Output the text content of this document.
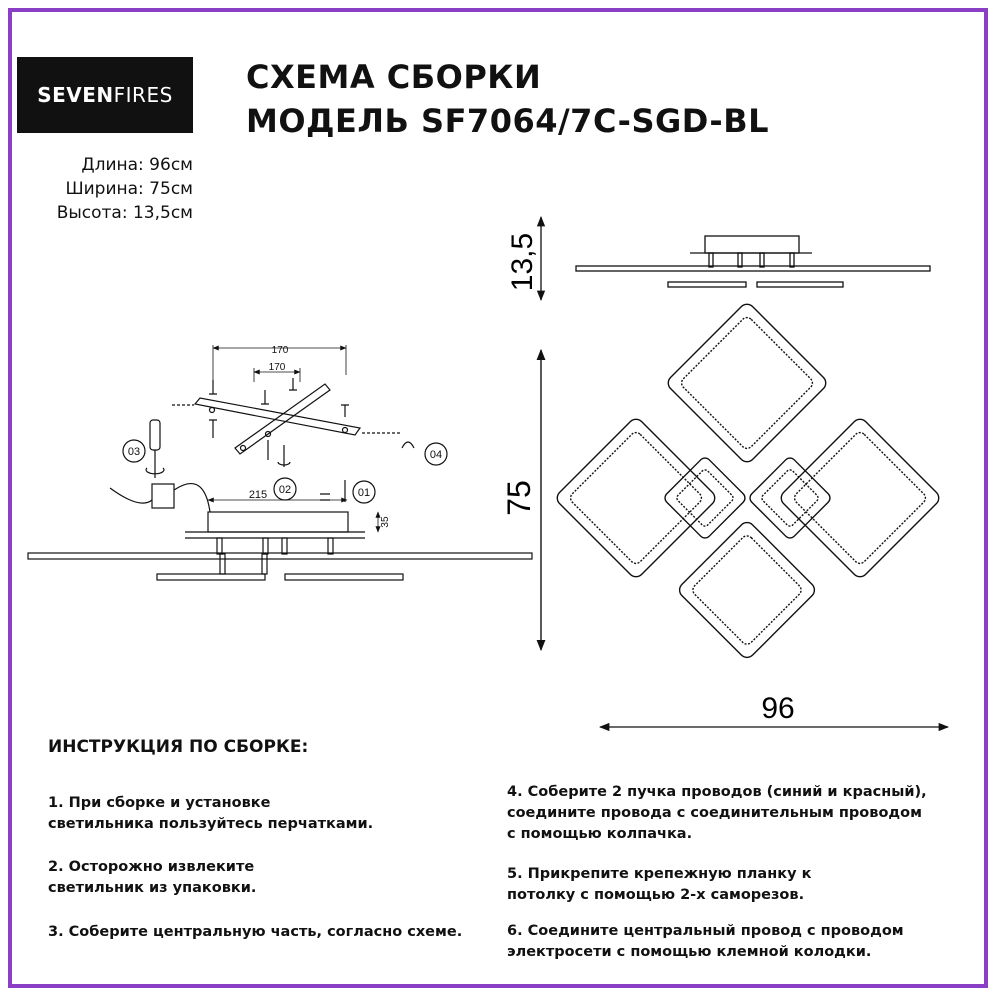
SEVEN FIRES СХЕМА СБОРКИ
МОДЕЛЬ SF7064/7C-SGD-BL
Длина: 96см
Ширина: 75см
Высота: 13,5см
13,5
75
96
170
170
215
35
01
02
03	04
ИНСТРУКЦИЯ ПО СБОРКЕ:
1. При сборке и установке
светильника пользуйтесь перчатками.
2. Осторожно извлеките
светильник из упаковки.
3. Соберите центральную часть, согласно схеме.
4. Соберите 2 пучка проводов (синий и красный),
соедините провода с соединительным проводом
с помощью колпачка.
5. Прикрепите крепежную планку к
потолку с помощью 2-х саморезов.
6. Соедините центральный провод с проводом
электросети с помощью клемной колодки.
